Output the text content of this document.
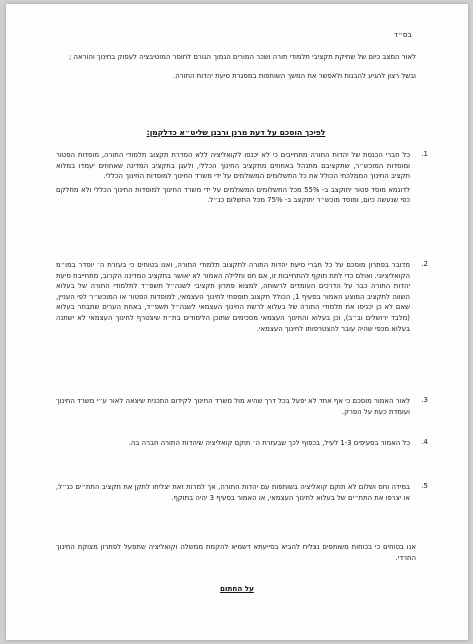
בס״ד

לאור המצב כיום של שחיקת תקציבי תלמודי תורה ושכר המורים הנמוך הגורם לחוסר המוטיבציה לעסוק בחינוך והוראה ;

ובשל רצון להגיע להבנות ולאפשר את המשך השותפות במסגרת סיעת יהדות התורה.

לפיכך הוסכם על דעת מרנן ורבנן שליט״א כדלקמן:
1.

כל חברי הכנסת של יהדות התורה מתחייבים כי לא יכנסו לקואליציה ללא הסדרת תקצוב תלמודי התורה, מוסדות הפטור ומוסדות המוכש״ר, שתקציבם מתנהל באחוזים מתקציב החינוך הכללי, ולעגן בתקציב המדינה שאחוזים יעמדו במלוא תקציב החינוך הממלכתי הכולל את כל התשלומים המשולמים על ידי משרד החינוך למוסדות החינוך הכללי.

לדוגמא מוסד פטור יתוקצב ב- 55% מכל התשלומים המשולמים על ידי משרד החינוך למוסדות החינוך הכללי ולא מחלקם כפי שנעשה כיום, ומוסד מוכש״ר יתוקצב ב- 75% מכל התשלום כנ״ל.

2.

מדובר בפתרון מוסכם על כל חברי סיעת יהדות התורה לתקצוב תלמודי התורה, ואנו בטוחים כי בעזרת ה׳ יוסדר במו״מ הקואליציוני. ואולם כדי לתת תוקף להתחייבות זו, אם חס וחלילה האמור לא יאושר בתקציב המדינה הקרוב, מתחייבת סיעת יהדות התורה כבר על הדרכים העומדים לרשותה, למצוא פתרון תקציבי לשנה״ל תשפ״ד לתלמודי התורה של בעלוא השווה לתקציב המוצע האמור בסעיף 1, הכולל תקצוב תוספתי לחינוך העצמאי, למוסדות הפטור או המוכש״ר לפי העניין, שאם לא כן יכניסו את תלמודי התורה של בעלוא לרשת החינוך העצמאי לשנה״ל תשפ״ד, באחת הערים שתבחר בעלוא (מלבד ירושלים וב״ב), וכן בעלוא והחינוך העצמאי מסכימים שתוכן הלימודים בת״ת שיצטרף לחינוך העצמאי לא ישתנה בעלוא מכפי שהיה עובר להצטרפותו לחינוך העצמאי.

3.

לאור האמור מוסכם כי אף אחד לא יפעל בכל דרך שהיא מול משרד החינוך לקידום התכנית שיצאה לאור ע״י משרד החינוך ועומדת כעת על הפרק.

4.

כל האמור בסעיפים 1-3 לעיל, בכפוף לכך שבעזרת ה׳ תוקם קואליציה שיהדות התורה חברה בה.

5.

במידה וחס ושלום לא תוקם קואליציה בשותפות עם יהדות התורה, אך למרות זאת יצליחו לתקן את תקציב התת״ים כנ״ל, או יצרפו את התת״ים של בעלוא לחינוך העצמאי, או האמור בסעיף 3 יהיה בתוקף.

אנו בטוחים כי בכוחות משותפים נצליח להביא בסייעתא דשמיא להקמת ממשלה וקואליציה שתפעל לפתרון מצוקת החינוך החרדי.
על החתום
